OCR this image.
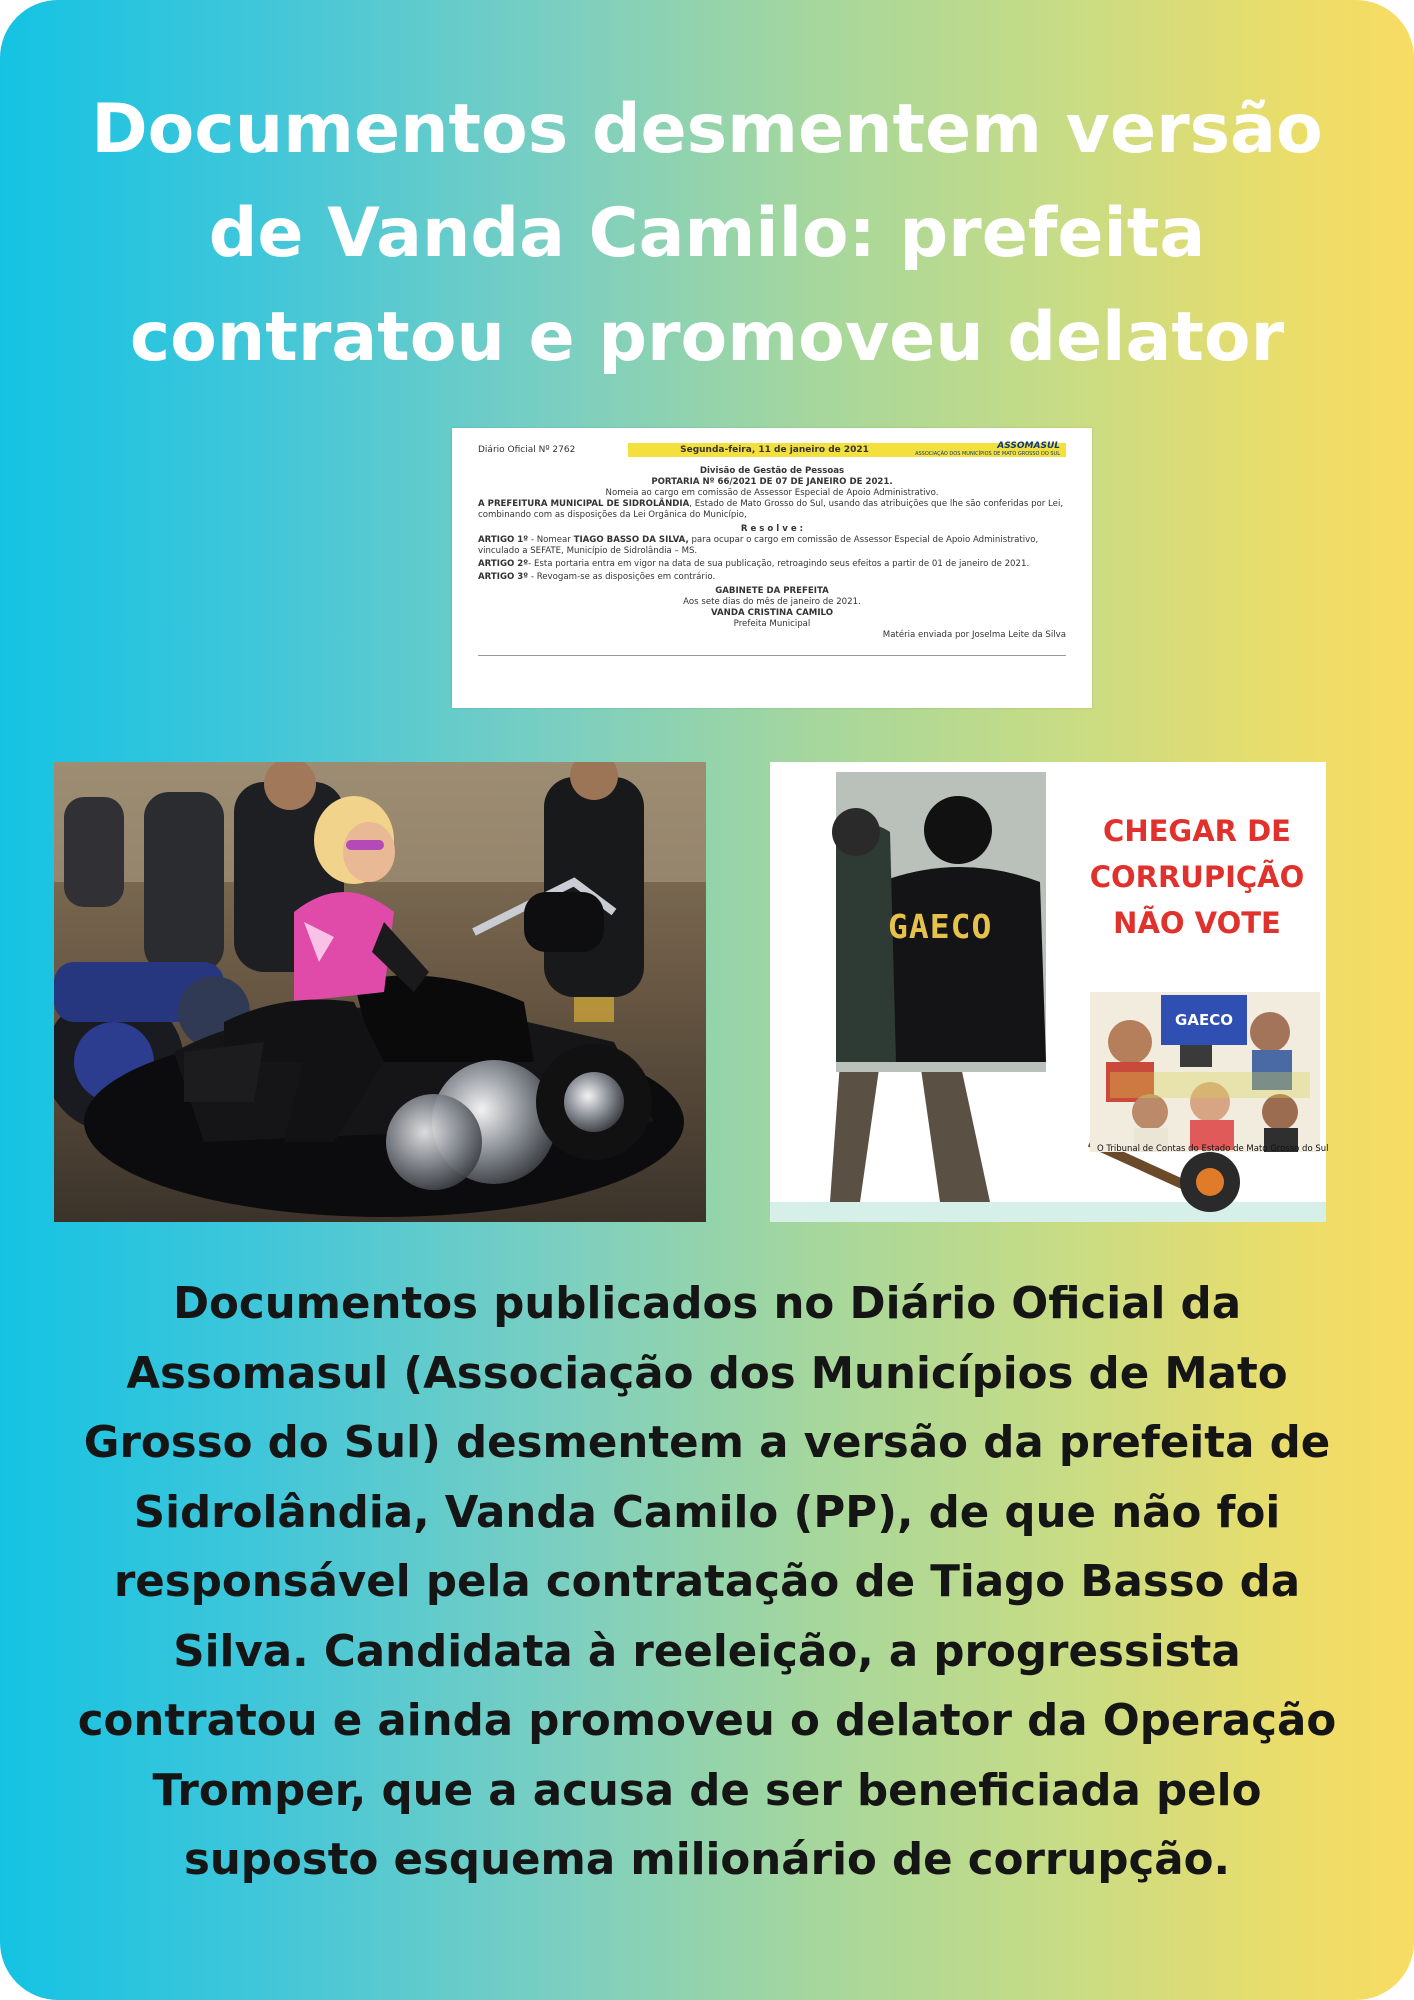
Documentos desmentem versão de Vanda Camilo: prefeita contratou e promoveu delator
Diário Oficial Nº 2762	Segunda-feira, 11 de janeiro de 2021	ASSOMASUL
ASSOCIAÇÃO DOS MUNICÍPIOS DE MATO GROSSO DO SUL

Divisão de Gestão de Pessoas

PORTARIA Nº 66/2021 DE 07 DE JANEIRO DE 2021.

Nomeia ao cargo em comissão de Assessor Especial de Apoio Administrativo.

A PREFEITURA MUNICIPAL DE SIDROLÂNDIA, Estado de Mato Grosso do Sul, usando das atribuições que lhe são conferidas por Lei, combinando com as disposições da Lei Orgânica do Município,

R e s o l v e :

ARTIGO 1º - Nomear TIAGO BASSO DA SILVA, para ocupar o cargo em comissão de Assessor Especial de Apoio Administrativo, vinculado a SEFATE, Município de Sidrolândia – MS.

ARTIGO 2º- Esta portaria entra em vigor na data de sua publicação, retroagindo seus efeitos a partir de 01 de janeiro de 2021.

ARTIGO 3º - Revogam-se as disposições em contrário.

GABINETE DA PREFEITA

Aos sete dias do mês de janeiro de 2021.

VANDA CRISTINA CAMILO

Prefeita Municipal

Matéria enviada por Joselma Leite da Silva

CHEGAR DE
CORRUPIÇÃO
NÃO VOTE
GAECO
GAECO
O Tribunal de Contas do Estado de Mato Grosso do Sul

Documentos publicados no Diário Oficial da Assomasul (Associação dos Municípios de Mato Grosso do Sul) desmentem a versão da prefeita de Sidrolândia, Vanda Camilo (PP), de que não foi responsável pela contratação de Tiago Basso da Silva. Candidata à reeleição, a progressista contratou e ainda promoveu o delator da Operação Tromper, que a acusa de ser beneficiada pelo suposto esquema milionário de corrupção.
